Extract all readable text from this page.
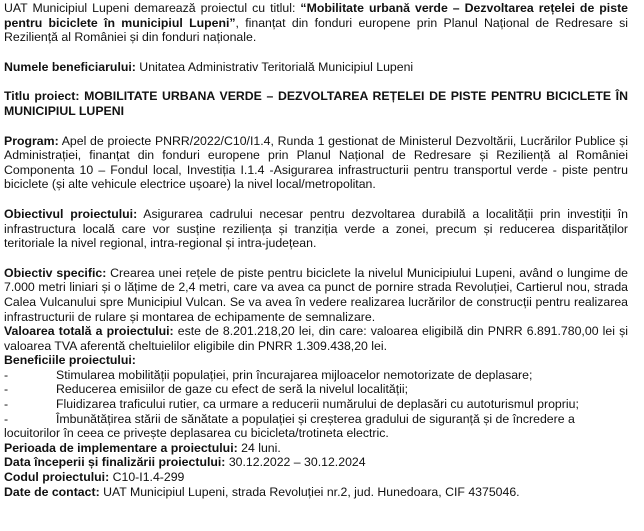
UAT Municipiul Lupeni demarează proiectul cu titlul: “Mobilitate urbană verde – Dezvoltarea rețelei de piste pentru biciclete în municipiul Lupeni”, finanțat din fonduri europene prin Planul Național de Redresare si Reziliență al României și din fonduri naționale.

Numele beneficiarului: Unitatea Administrativ Teritorială Municipiul Lupeni

Titlu proiect: MOBILITATE URBANA VERDE – DEZVOLTAREA REȚELEI DE PISTE PENTRU BICICLETE ÎN MUNICIPIUL LUPENI

Program: Apel de proiecte PNRR/2022/C10/I1.4, Runda 1 gestionat de Ministerul Dezvoltării, Lucrărilor Publice și Administrației, finanțat din fonduri europene prin Planul Național de Redresare și Reziliență al României Componenta 10 – Fondul local, Investiția I.1.4 -Asigurarea infrastructurii pentru transportul verde - piste pentru biciclete (și alte vehicule electrice ușoare) la nivel local/metropolitan.

Obiectivul proiectului: Asigurarea cadrului necesar pentru dezvoltarea durabilă a localității prin investiții în infrastructura locală care vor susține reziliența și tranziția verde a zonei, precum și reducerea disparităților teritoriale la nivel regional, intra-regional și intra-județean.

Obiectiv specific: Crearea unei rețele de piste pentru biciclete la nivelul Municipiului Lupeni, având o lungime de 7.000 metri liniari și o lățime de 2,4 metri, care va avea ca punct de pornire strada Revoluției, Cartierul nou, strada Calea Vulcanului spre Municipiul Vulcan. Se va avea în vedere realizarea lucrărilor de construcții pentru realizarea infrastructurii de rulare și montarea de echipamente de semnalizare.

Valoarea totală a proiectului: este de 8.201.218,20 lei, din care: valoarea eligibilă din PNRR 6.891.780,00 lei și valoarea TVA aferentă cheltuielilor eligibile din PNRR 1.309.438,20 lei.

Beneficiile proiectului:

-	Stimularea mobilității populației, prin încurajarea mijloacelor nemotorizate de deplasare;
-	Reducerea emisiilor de gaze cu efect de seră la nivelul localității;
-	Fluidizarea traficului rutier, ca urmare a reducerii numărului de deplasări cu autoturismul propriu;
-	Îmbunătățirea stării de sănătate a populației și creșterea gradului de siguranță și de încredere a

locuitorilor în ceea ce privește deplasarea cu bicicleta/trotineta electric.

Perioada de implementare a proiectului: 24 luni.

Data începerii și finalizării proiectului: 30.12.2022 – 30.12.2024

Codul proiectului: C10-I1.4-299

Date de contact: UAT Municipiul Lupeni, strada Revoluției nr.2, jud. Hunedoara, CIF 4375046.
